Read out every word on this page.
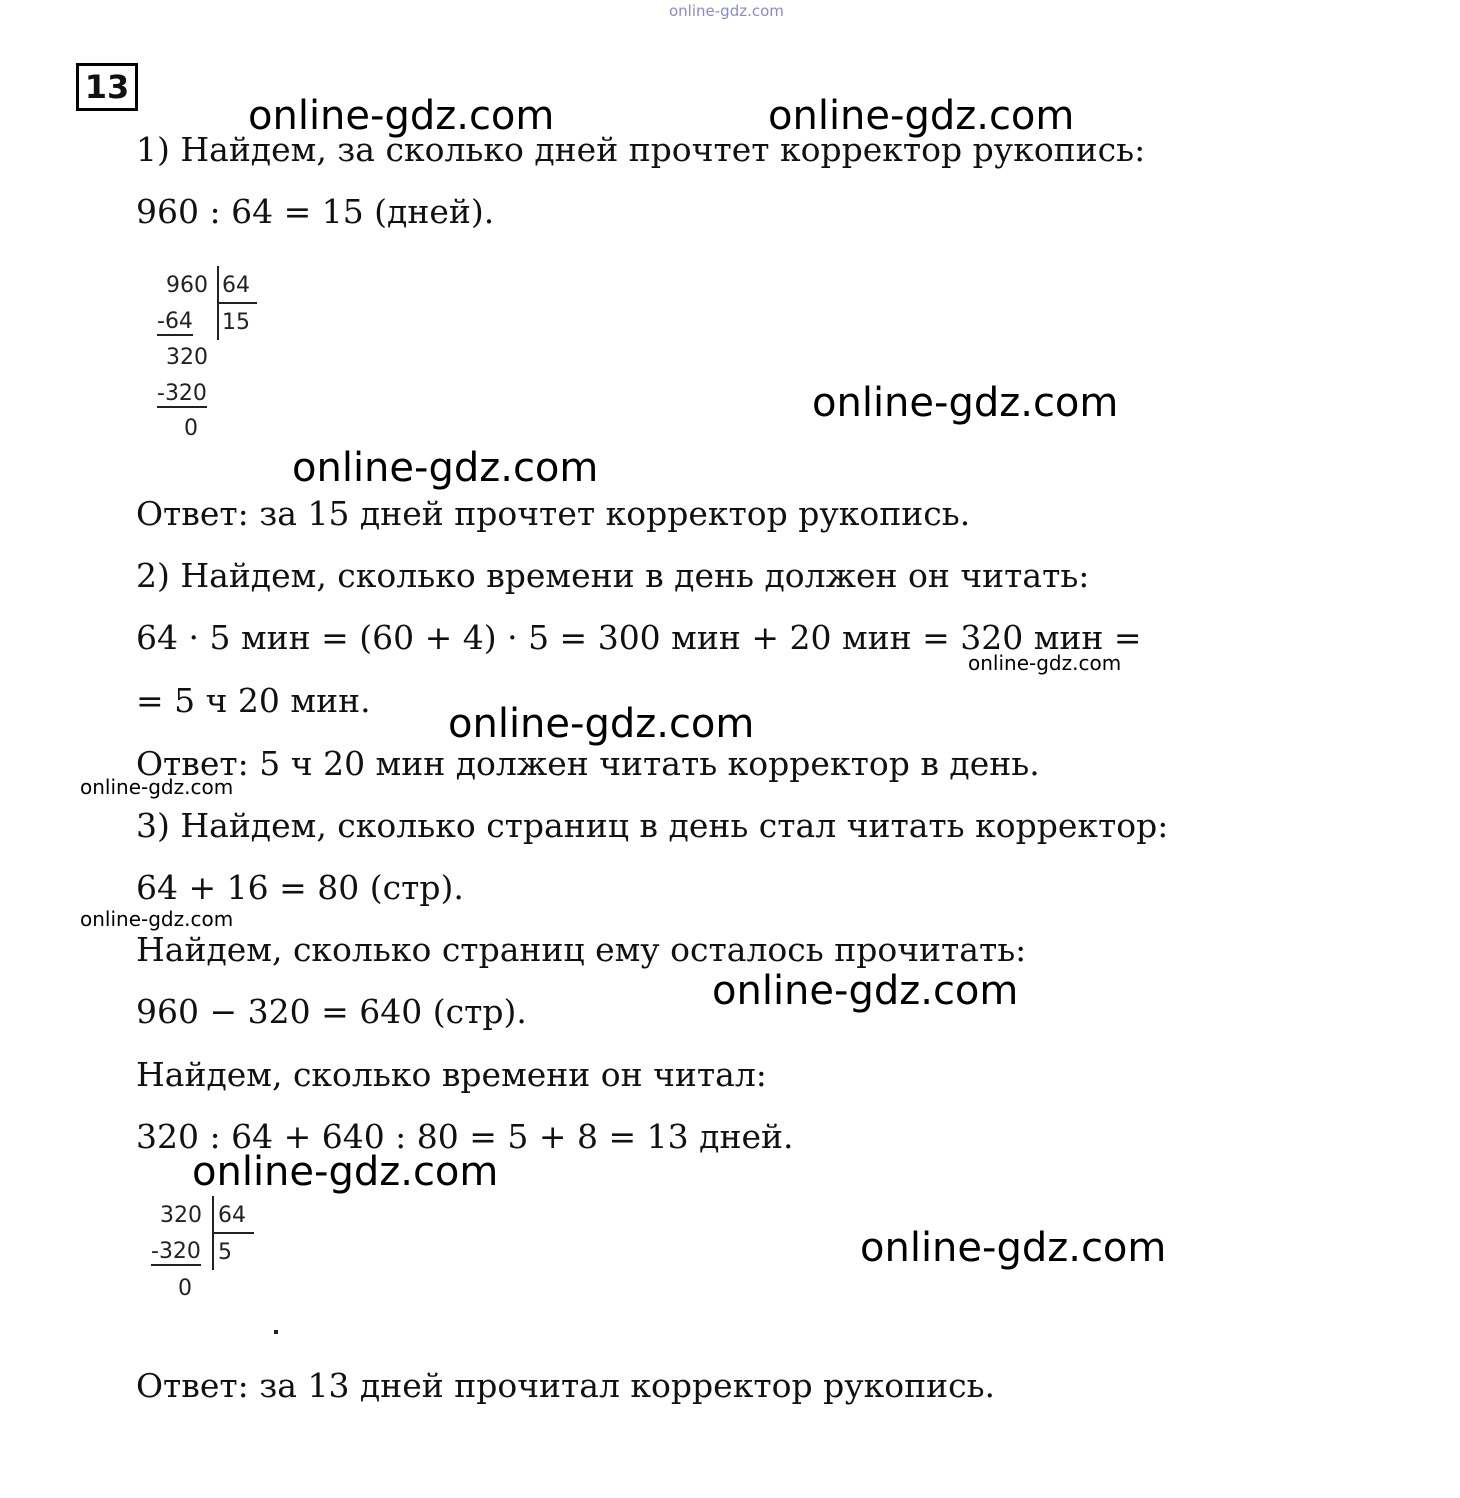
online-gdz.com
13
online-gdz.com	online-gdz.com
online-gdz.com
online-gdz.com
online-gdz.com
online-gdz.com
online-gdz.com
online-gdz.com
online-gdz.com
online-gdz.com
online-gdz.com
1) Найдем, за сколько дней прочтет корректор рукопись:
960 : 64 = 15 (дней).
960 64
-64 15
320
-320
0
Ответ: за 15 дней прочтет корректор рукопись.
2) Найдем, сколько времени в день должен он читать:
64 · 5 мин = (60 + 4) · 5 = 300 мин + 20 мин = 320 мин =
= 5 ч 20 мин.
Ответ: 5 ч 20 мин должен читать корректор в день.
3) Найдем, сколько страниц в день стал читать корректор:
64 + 16 = 80 (стр).
Найдем, сколько страниц ему осталось прочитать:
960 − 320 = 640 (стр).
Найдем, сколько времени он читал:
320 : 64 + 640 : 80 = 5 + 8 = 13 дней.
320 64
-320 5
0
Ответ: за 13 дней прочитал корректор рукопись.
